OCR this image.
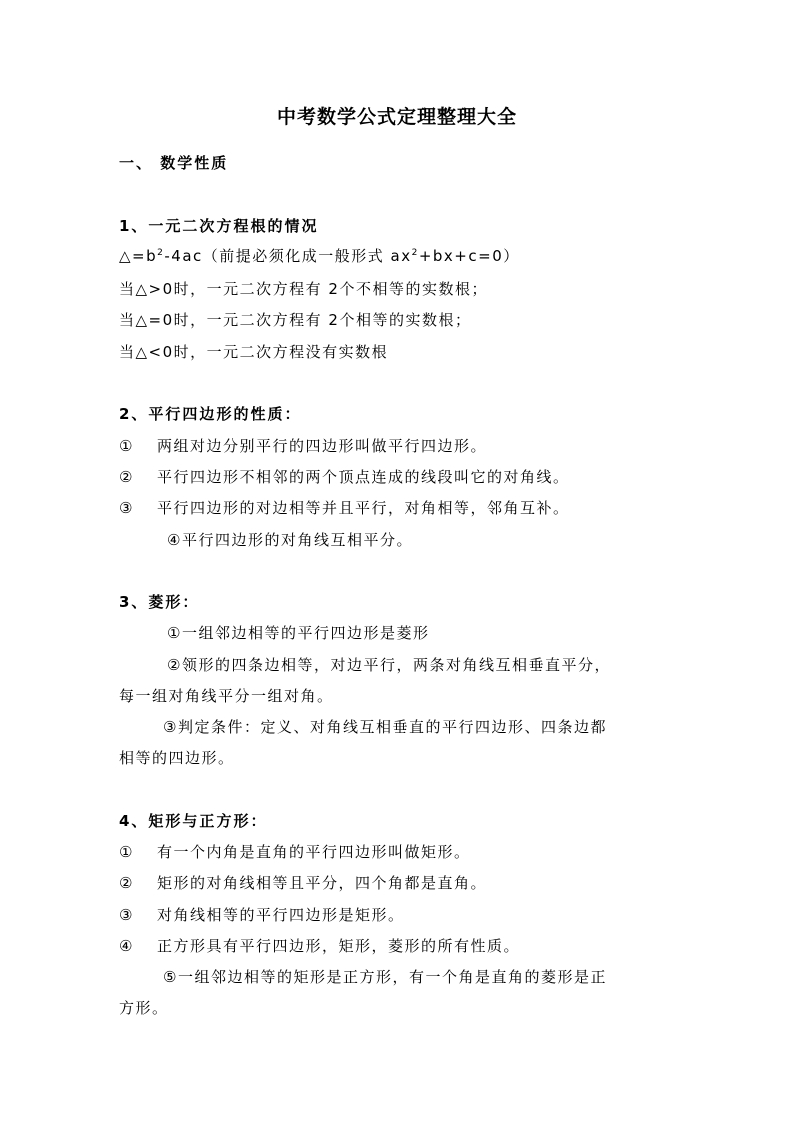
中考数学公式定理整理大全
一、 数学性质
1、一元二次方程根的情况
$\triangle=b^2-4ac$（前提必须化成一般形式 $ax^2+bx+c=0$）
当△>0时，一元二次方程有 2个不相等的实数根；
当△=0时，一元二次方程有 2个相等的实数根；
当△<0时，一元二次方程没有实数根
2、平行四边形的性质：
① 两组对边分别平行的四边形叫做平行四边形。
② 平行四边形不相邻的两个顶点连成的线段叫它的对角线。
③ 平行四边形的对边相等并且平行，对角相等，邻角互补。
④平行四边形的对角线互相平分。
3、菱形：
①一组邻边相等的平行四边形是菱形
②领形的四条边相等，对边平行，两条对角线互相垂直平分，
每一组对角线平分一组对角。
③判定条件：定义、对角线互相垂直的平行四边形、四条边都
相等的四边形。
4、矩形与正方形：
① 有一个内角是直角的平行四边形叫做矩形。
② 矩形的对角线相等且平分，四个角都是直角。
③ 对角线相等的平行四边形是矩形。
④ 正方形具有平行四边形，矩形，菱形的所有性质。
⑤一组邻边相等的矩形是正方形，有一个角是直角的菱形是正
方形。
